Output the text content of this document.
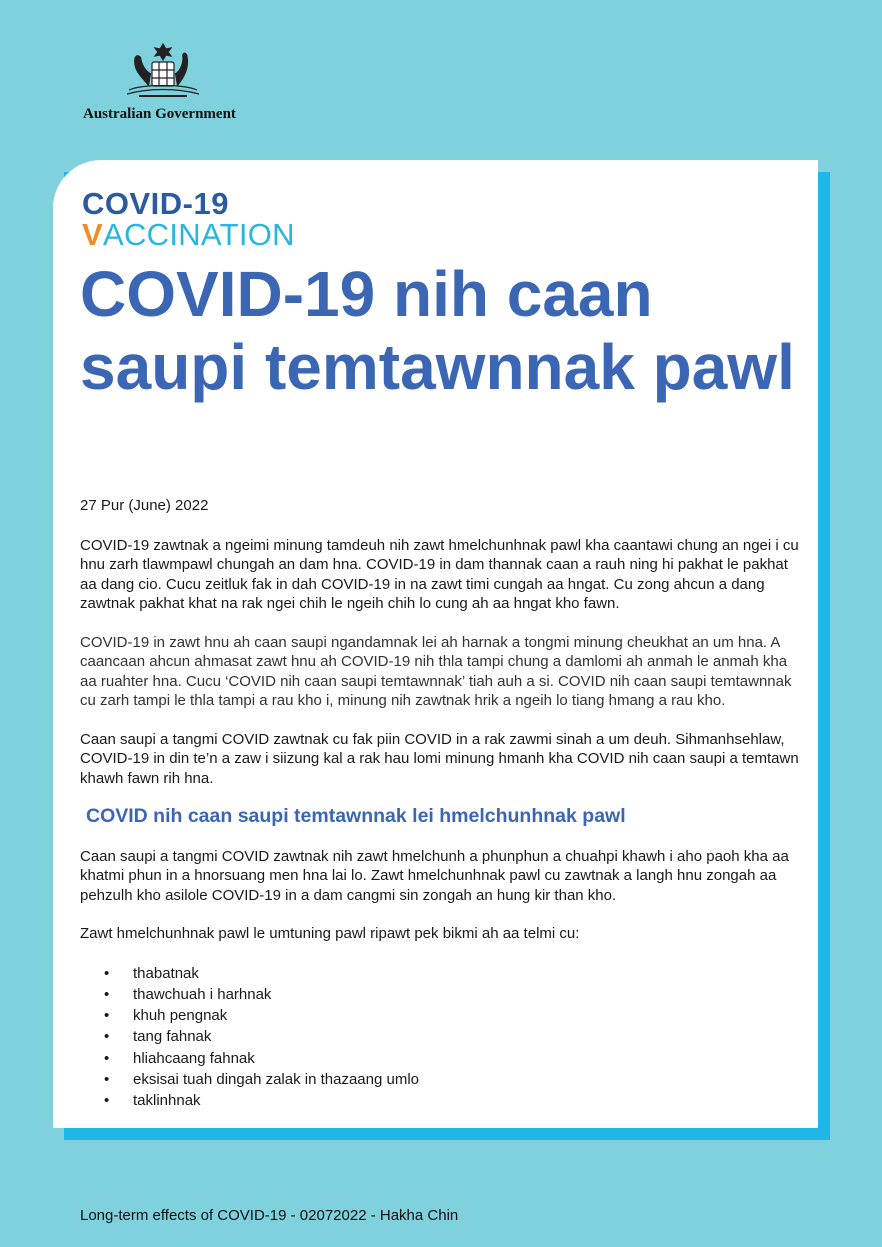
Australian Government
COVID-19
VACCINATION
COVID-19 nih caan saupi temtawnnak pawl

27 Pur (June) 2022

COVID-19 zawtnak a ngeimi minung tamdeuh nih zawt hmelchunhnak pawl kha caantawi chung an ngei i cu hnu zarh tlawmpawl chungah an dam hna. COVID-19 in dam thannak caan a rauh ning hi pakhat le pakhat aa dang cio. Cucu zeitluk fak in dah COVID-19 in na zawt timi cungah aa hngat. Cu zong ahcun a dang zawtnak pakhat khat na rak ngei chih le ngeih chih lo cung ah aa hngat kho fawn.

COVID-19 in zawt hnu ah caan saupi ngandamnak lei ah harnak a tongmi minung cheukhat an um hna. A caancaan ahcun ahmasat zawt hnu ah COVID-19 nih thla tampi chung a damlomi ah anmah le anmah kha aa ruahter hna. Cucu ‘COVID nih caan saupi temtawnnak’ tiah auh a si. COVID nih caan saupi temtawnnak cu zarh tampi le thla tampi a rau kho i, minung nih zawtnak hrik a ngeih lo tiang hmang a rau kho.

Caan saupi a tangmi COVID zawtnak cu fak piin COVID in a rak zawmi sinah a um deuh. Sihmanhsehlaw, COVID-19 in din te’n a zaw i siizung kal a rak hau lomi minung hmanh kha COVID nih caan saupi a temtawn khawh fawn rih hna.

COVID nih caan saupi temtawnnak lei hmelchunhnak pawl

Caan saupi a tangmi COVID zawtnak nih zawt hmelchunh a phunphun a chuahpi khawh i aho paoh kha aa khatmi phun in a hnorsuang men hna lai lo. Zawt hmelchunhnak pawl cu zawtnak a langh hnu zongah aa pehzulh kho asilole COVID-19 in a dam cangmi sin zongah an hung kir than kho.

Zawt hmelchunhnak pawl le umtuning pawl ripawt pek bikmi ah aa telmi cu:

• thabatnak
• thawchuah i harhnak
• khuh pengnak
• tang fahnak
• hliahcaang fahnak
• eksisai tuah dingah zalak in thazaang umlo
• taklinhnak
Long-term effects of COVID-19 - 02072022 - Hakha Chin
